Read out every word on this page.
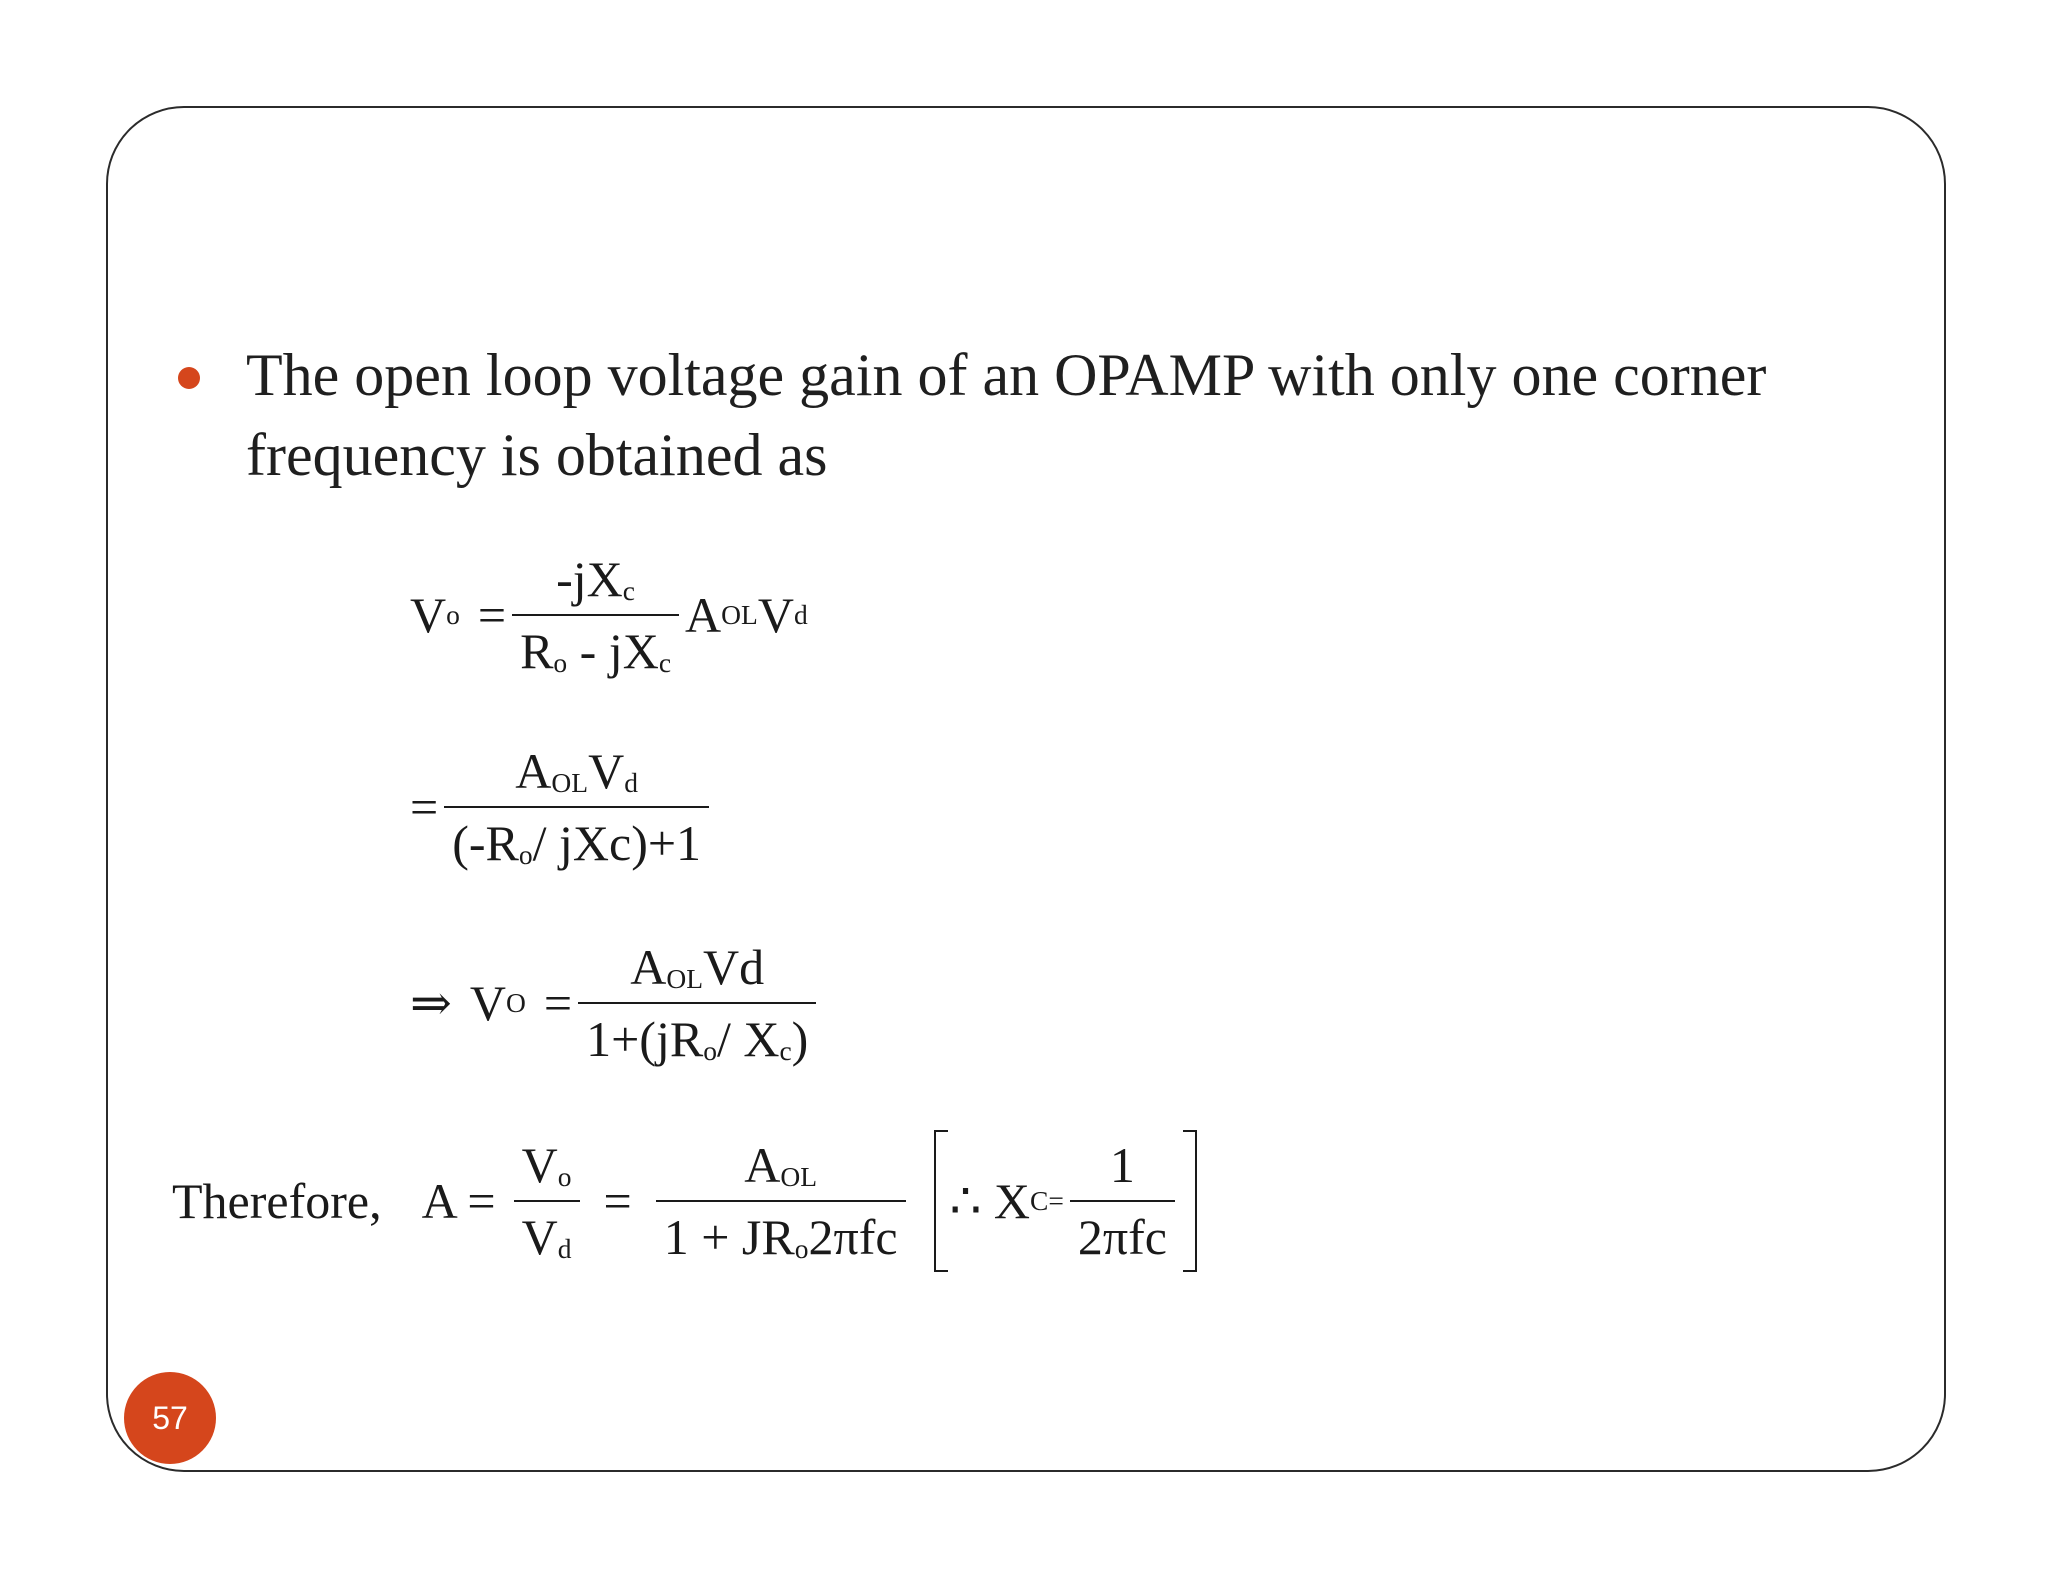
The open loop voltage gain of an OPAMP with only one corner frequency is obtained as
V $o = \frac{-jX_c}{R_o - jX_c}$ A OL V d
= $\frac{A_{OL}V_d}{(-R_o/ jXc)+1}$
⇒ V $O = \frac{A_{OL}Vd}{1+(jR_o/ X_c)}$
Therefore, $A = \frac{V_o}{V_d} = \frac{A_{OL}}{1 + JR_o2\pi fc}$ ∴ X $C= \frac{1}{\text{2πfc}}$
57
